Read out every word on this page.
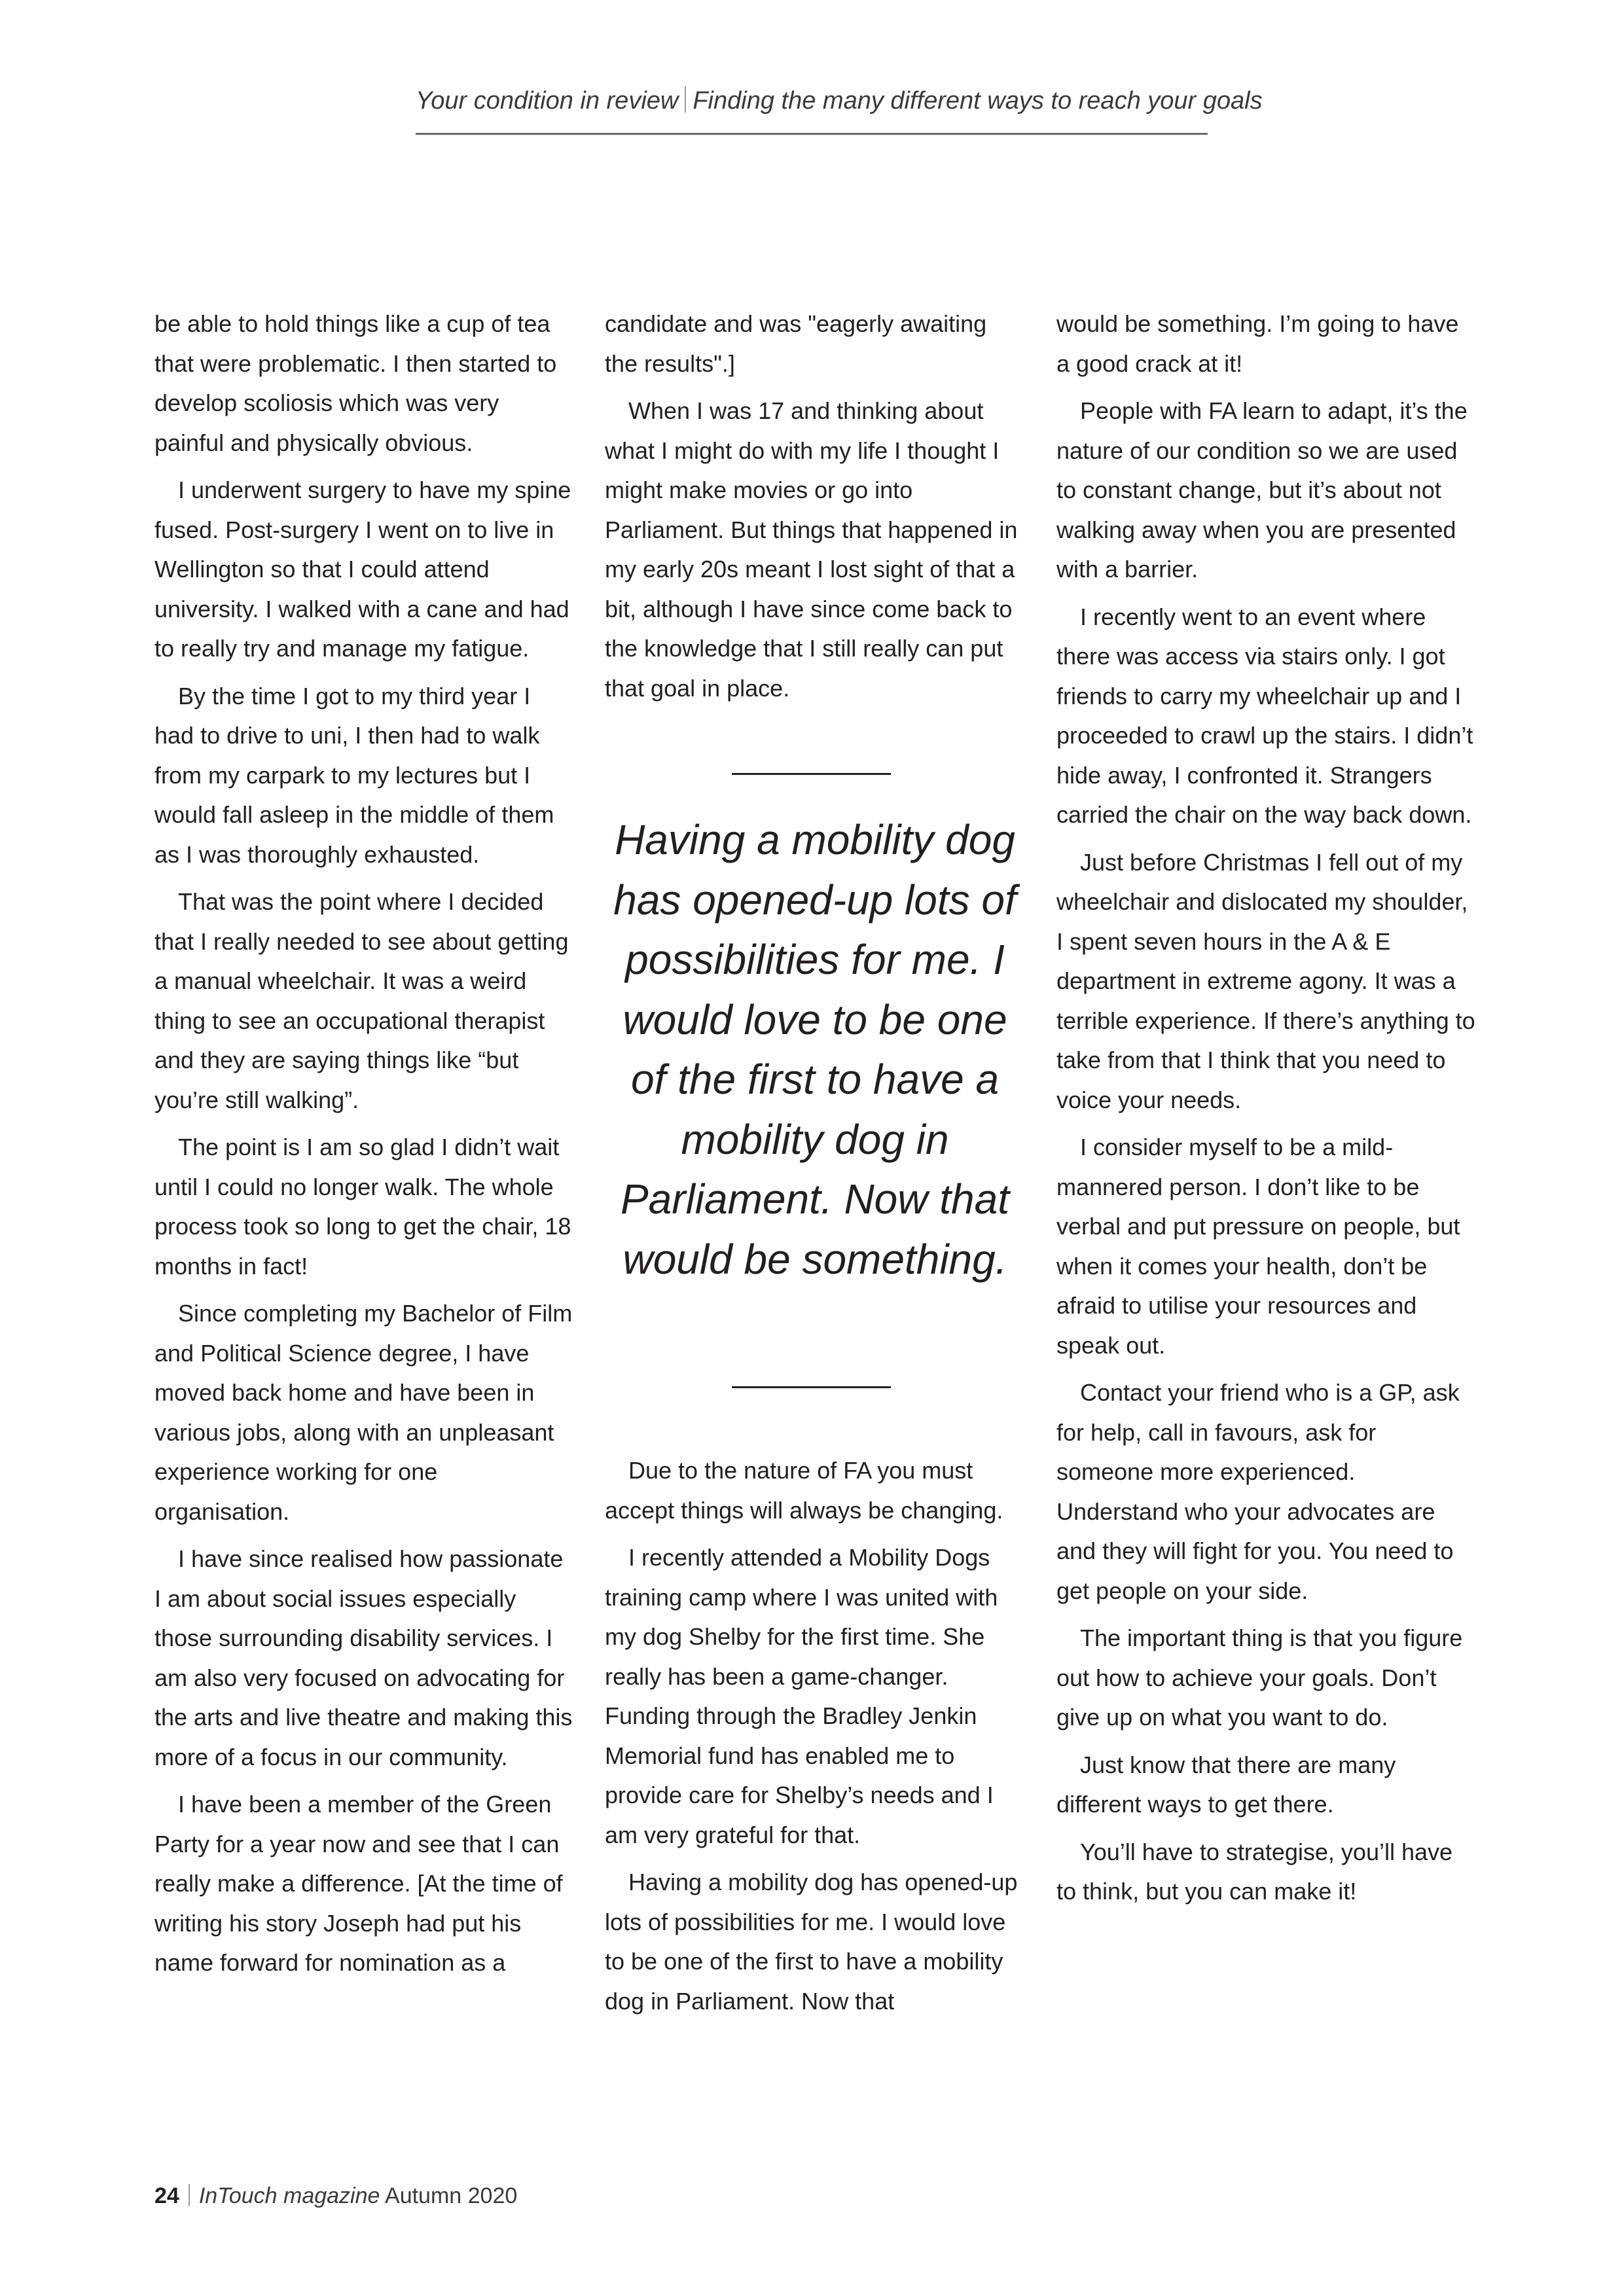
Your condition in review Finding the many different ways to reach your goals

be able to hold things like a cup of tea that were problematic. I then started to develop scoliosis which was very painful and physically obvious.

I underwent surgery to have my spine fused. Post-surgery I went on to live in Wellington so that I could attend university. I walked with a cane and had to really try and manage my fatigue.

By the time I got to my third year I had to drive to uni, I then had to walk from my carpark to my lectures but I would fall asleep in the middle of them as I was thoroughly exhausted.

That was the point where I decided that I really needed to see about getting a manual wheelchair. It was a weird thing to see an occupational therapist and they are saying things like “but you’re still walking”.

The point is I am so glad I didn’t wait until I could no longer walk. The whole process took so long to get the chair, 18 months in fact!

Since completing my Bachelor of Film and Political Science degree, I have moved back home and have been in various jobs, along with an unpleasant experience working for one organisation.

I have since realised how passionate I am about social issues especially those surrounding disability services. I am also very focused on advocating for the arts and live theatre and making this more of a focus in our community.

I have been a member of the Green Party for a year now and see that I can really make a difference. [At the time of writing his story Joseph had put his name forward for nomination as a

candidate and was "eagerly awaiting the results".]

When I was 17 and thinking about what I might do with my life I thought I might make movies or go into Parliament. But things that happened in my early 20s meant I lost sight of that a bit, although I have since come back to the knowledge that I still really can put that goal in place.

Having a mobility dog has opened-up lots of possibilities for me. I would love to be one of the first to have a mobility dog in Parliament. Now that would be something.

Due to the nature of FA you must accept things will always be changing.

I recently attended a Mobility Dogs training camp where I was united with my dog Shelby for the first time. She really has been a game-changer. Funding through the Bradley Jenkin Memorial fund has enabled me to provide care for Shelby’s needs and I am very grateful for that.

Having a mobility dog has opened-up lots of possibilities for me. I would love to be one of the first to have a mobility dog in Parliament. Now that

would be something. I’m going to have a good crack at it!

People with FA learn to adapt, it’s the nature of our condition so we are used to constant change, but it’s about not walking away when you are presented with a barrier.

I recently went to an event where there was access via stairs only. I got friends to carry my wheelchair up and I proceeded to crawl up the stairs. I didn’t hide away, I confronted it. Strangers carried the chair on the way back down.

Just before Christmas I fell out of my wheelchair and dislocated my shoulder, I spent seven hours in the A & E department in extreme agony. It was a terrible experience. If there’s anything to take from that I think that you need to voice your needs.

I consider myself to be a mild-mannered person. I don’t like to be verbal and put pressure on people, but when it comes your health, don’t be afraid to utilise your resources and speak out.

Contact your friend who is a GP, ask for help, call in favours, ask for someone more experienced. Understand who your advocates are and they will fight for you. You need to get people on your side.

The important thing is that you figure out how to achieve your goals. Don’t give up on what you want to do.

Just know that there are many different ways to get there.

You’ll have to strategise, you’ll have to think, but you can make it!

24 InTouch magazine Autumn 2020
